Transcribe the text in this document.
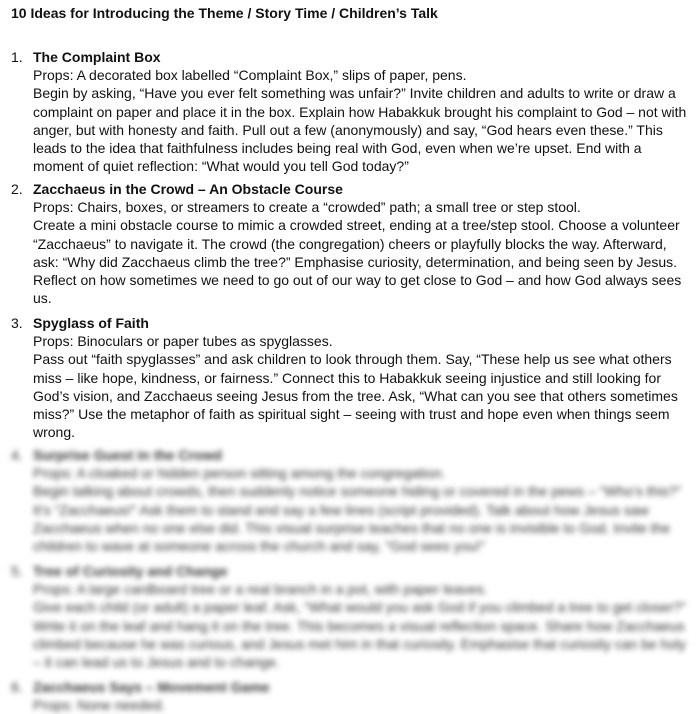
10 Ideas for Introducing the Theme / Story Time / Children’s Talk
1. The Complaint Box
Props: A decorated box labelled “Complaint Box,” slips of paper, pens.
Begin by asking, “Have you ever felt something was unfair?” Invite children and adults to write or draw a
complaint on paper and place it in the box. Explain how Habakkuk brought his complaint to God – not with
anger, but with honesty and faith. Pull out a few (anonymously) and say, “God hears even these.” This
leads to the idea that faithfulness includes being real with God, even when we’re upset. End with a
moment of quiet reflection: “What would you tell God today?”
2. Zacchaeus in the Crowd – An Obstacle Course
Props: Chairs, boxes, or streamers to create a “crowded” path; a small tree or step stool.
Create a mini obstacle course to mimic a crowded street, ending at a tree/step stool. Choose a volunteer
“Zacchaeus” to navigate it. The crowd (the congregation) cheers or playfully blocks the way. Afterward,
ask: “Why did Zacchaeus climb the tree?” Emphasise curiosity, determination, and being seen by Jesus.
Reflect on how sometimes we need to go out of our way to get close to God – and how God always sees
us.
3. Spyglass of Faith
Props: Binoculars or paper tubes as spyglasses.
Pass out “faith spyglasses” and ask children to look through them. Say, “These help us see what others
miss – like hope, kindness, or fairness.” Connect this to Habakkuk seeing injustice and still looking for
God’s vision, and Zacchaeus seeing Jesus from the tree. Ask, “What can you see that others sometimes
miss?” Use the metaphor of faith as spiritual sight – seeing with trust and hope even when things seem
wrong.
4. Surprise Guest in the Crowd
Props: A cloaked or hidden person sitting among the congregation.
Begin talking about crowds, then suddenly notice someone hiding or covered in the pews – “Who’s this?”
It’s “Zacchaeus!” Ask them to stand and say a few lines (script provided). Talk about how Jesus saw
Zacchaeus when no one else did. This visual surprise teaches that no one is invisible to God. Invite the
children to wave at someone across the church and say, “God sees you!”
5. Tree of Curiosity and Change
Props: A large cardboard tree or a real branch in a pot, with paper leaves.
Give each child (or adult) a paper leaf. Ask, “What would you ask God if you climbed a tree to get closer?”
Write it on the leaf and hang it on the tree. This becomes a visual reflection space. Share how Zacchaeus
climbed because he was curious, and Jesus met him in that curiosity. Emphasise that curiosity can be holy
– it can lead us to Jesus and to change.
6. Zacchaeus Says – Movement Game
Props: None needed.
